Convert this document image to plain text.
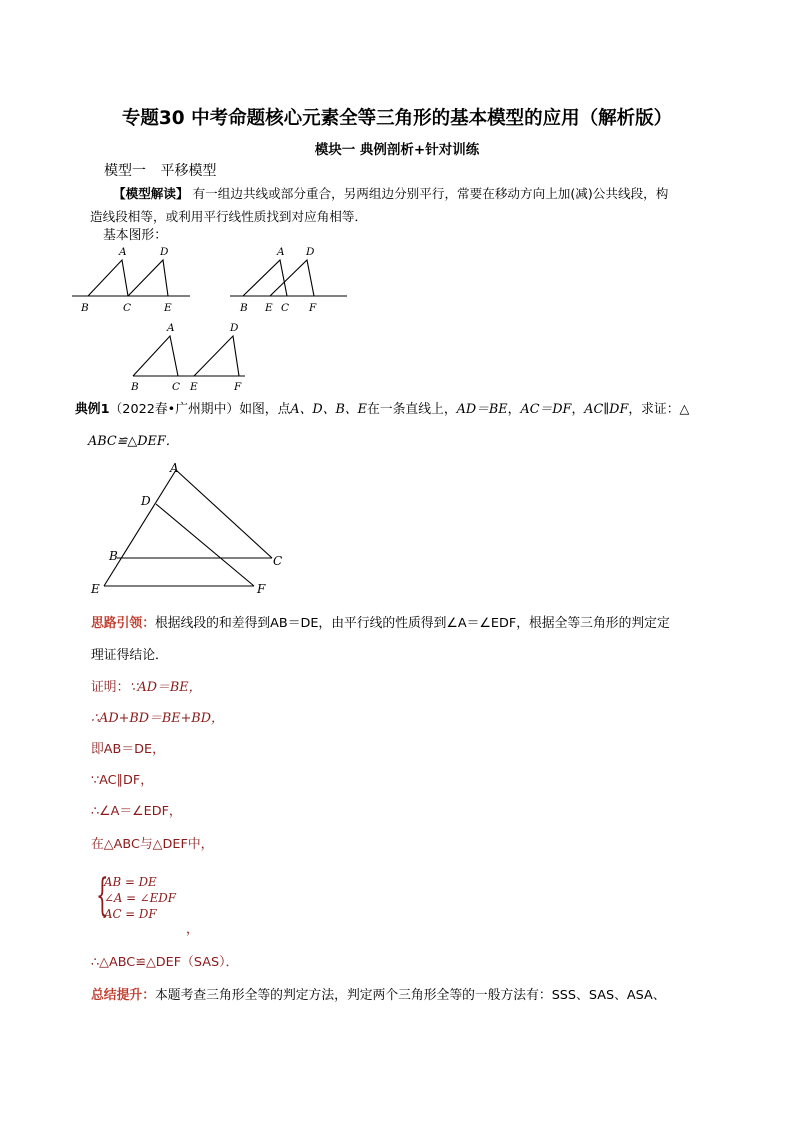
专题30 中考命题核心元素全等三角形的基本模型的应用（解析版）
模块一 典例剖析+针对训练
模型一 平移模型
【模型解读】 有一组边共线或部分重合，另两组边分别平行，常要在移动方向上加(减)公共线段，构
造线段相等，或利用平行线性质找到对应角相等．
基本图形：
A	D
B	C	E
A D
B E C F
A	D
B	C E	F
典例1（2022春•广州期中）如图，点A、D、B、E在一条直线上，AD＝BE，AC＝DF，AC∥DF，求证：△
ABC≌△DEF．
A
D
B	C
E	F
思路引领：根据线段的和差得到AB＝DE，由平行线的性质得到∠A＝∠EDF，根据全等三角形的判定定
理证得结论．
证明：∵AD＝BE，
∴AD+BD＝BE+BD，
即AB＝DE，
∵AC∥DF，
∴∠A＝∠EDF，
在△ABC与△DEF中，
{
AB = DE
∠A = ∠EDF
AC = DF
，
∴△ABC≌△DEF（SAS）．
总结提升：本题考查三角形全等的判定方法，判定两个三角形全等的一般方法有：SSS、SAS、ASA、
